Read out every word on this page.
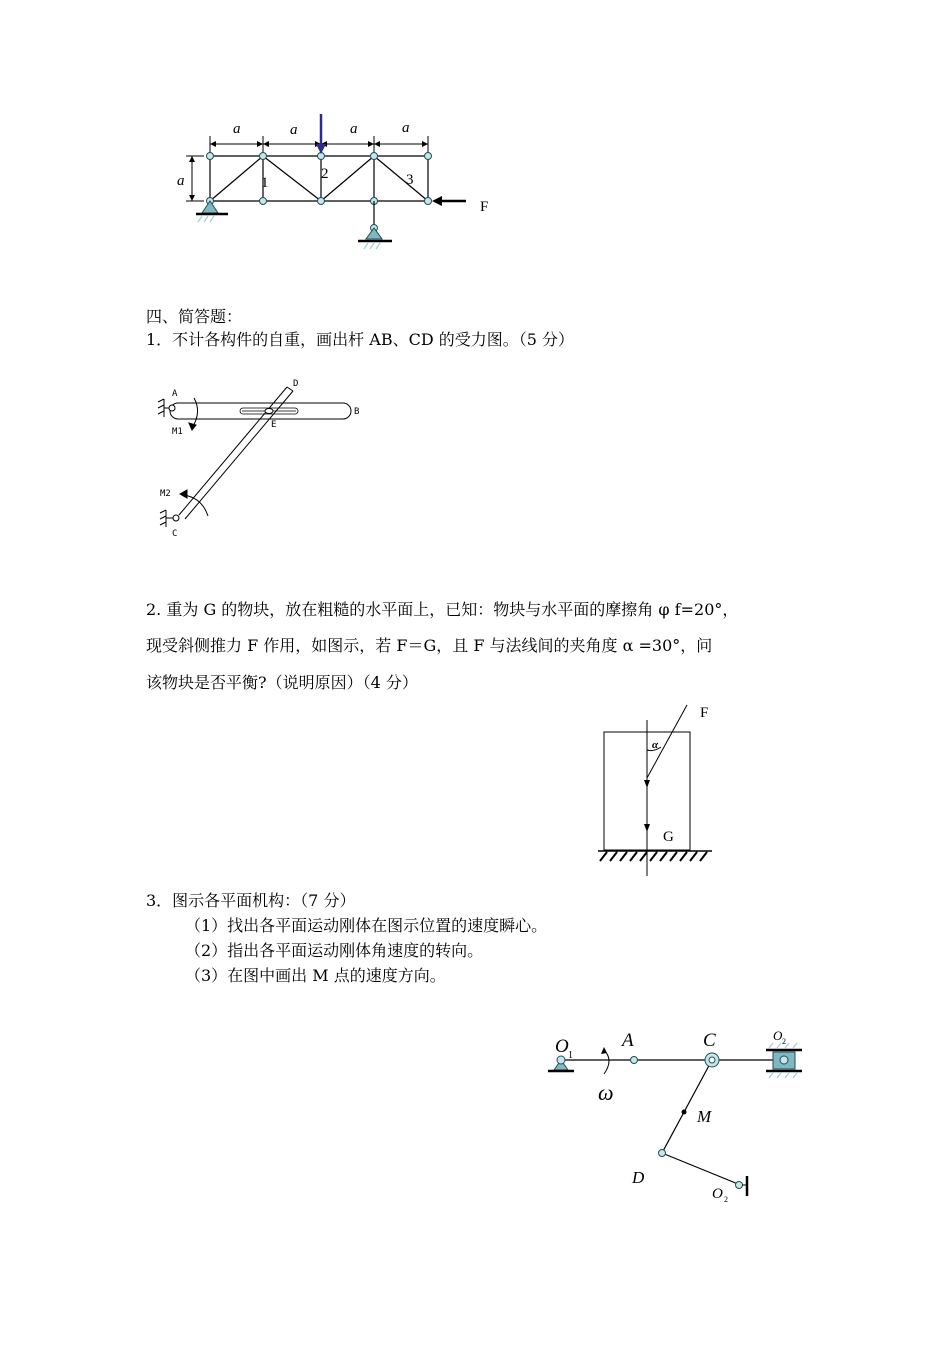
a	a	a	a
a	1
2	3
F
四、简答题：
1．不计各构件的自重，画出杆 AB、CD 的受力图。（5 分）
A
B
C
D
E
M1
M2
2. 重为 G 的物块，放在粗糙的水平面上，已知：物块与水平面的摩擦角 φ f=20°，
现受斜侧推力 F 作用，如图示，若 F＝G，且 F 与法线间的夹角度 α =30°，问
该物块是否平衡?（说明原因）（4 分）
α
F
G
3．图示各平面机构：（7 分）
（1）找出各平面运动刚体在图示位置的速度瞬心。
（2）指出各平面运动刚体角速度的转向。
（3）在图中画出 M 点的速度方向。
O 1
A	C	O 2
M
D
O 2
ω
